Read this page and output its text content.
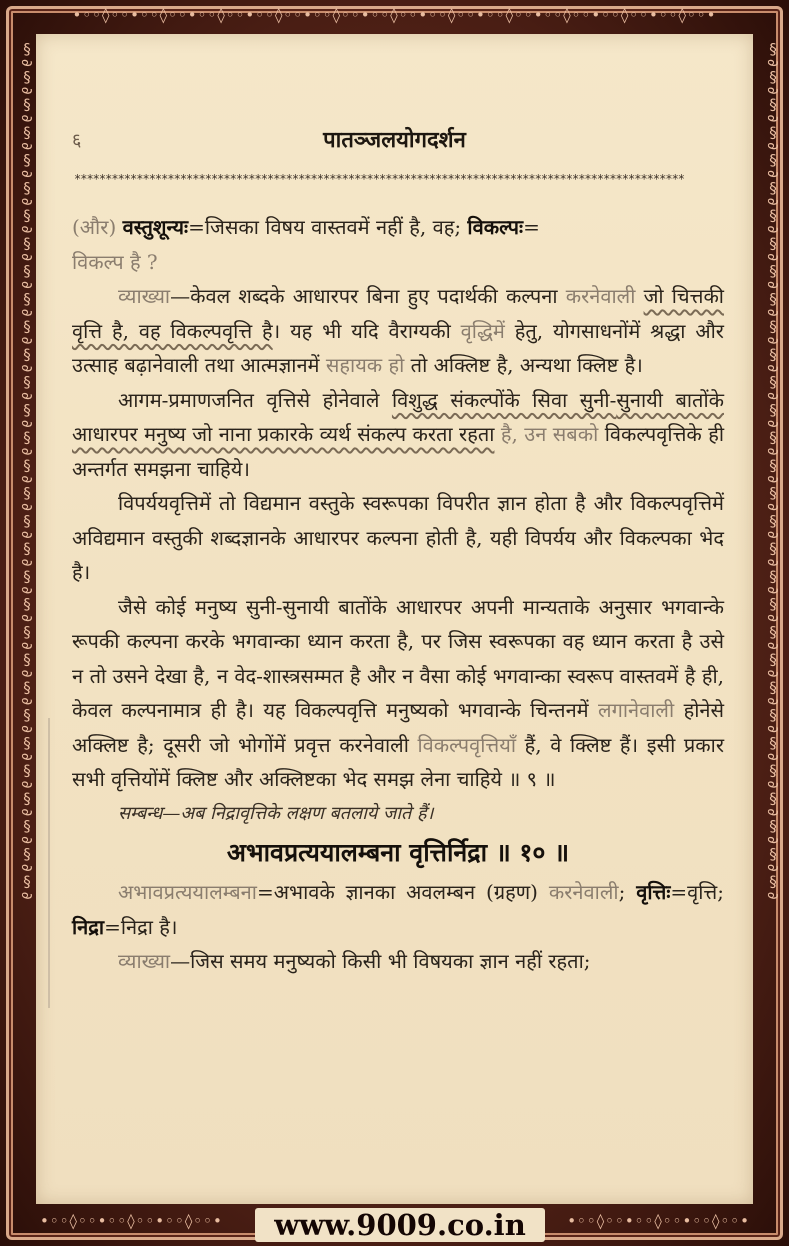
•◦◦◊◦◦•◦◦◊◦◦•◦◦◊◦◦•◦◦◊◦◦•◦◦◊◦◦•◦◦◊◦◦•◦◦◊◦◦•◦◦◊◦◦•◦◦◊◦◦•◦◦◊◦◦•◦◦◊◦◦•
§∂§∂§∂§∂§∂§∂§∂§∂§∂§∂§∂§∂§∂§∂§∂§∂§∂§∂§∂§∂§∂§∂§∂§∂§∂§∂§∂§∂§∂§∂§∂	§∂§∂§∂§∂§∂§∂§∂§∂§∂§∂§∂§∂§∂§∂§∂§∂§∂§∂§∂§∂§∂§∂§∂§∂§∂§∂§∂§∂§∂§∂§∂
•◦◦◊◦◦•◦◦◊◦◦•◦◦◊◦◦•	•◦◦◊◦◦•◦◦◊◦◦•◦◦◊◦◦•
६	पातञ्जलयोगदर्शन
**************************************************************************************************

(और) वस्तुशून्यः=जिसका विषय वास्तवमें नहीं है, वह; विकल्पः=

विकल्प है ?

व्याख्या—केवल शब्दके आधारपर बिना हुए पदार्थकी कल्पना करनेवाली जो चित्तकी वृत्ति है, वह विकल्पवृत्ति है। यह भी यदि वैराग्यकी वृद्धिमें हेतु, योगसाधनोंमें श्रद्धा और उत्साह बढ़ानेवाली तथा आत्मज्ञानमें सहायक हो तो अक्लिष्ट है, अन्यथा क्लिष्ट है।

आगम-प्रमाणजनित वृत्तिसे होनेवाले विशुद्ध संकल्पोंके सिवा सुनी-सुनायी बातोंके आधारपर मनुष्य जो नाना प्रकारके व्यर्थ संकल्प करता रहता है, उन सबको विकल्पवृत्तिके ही अन्तर्गत समझना चाहिये।

विपर्ययवृत्तिमें तो विद्यमान वस्तुके स्वरूपका विपरीत ज्ञान होता है और विकल्पवृत्तिमें अविद्यमान वस्तुकी शब्दज्ञानके आधारपर कल्पना होती है, यही विपर्यय और विकल्पका भेद है।

जैसे कोई मनुष्य सुनी-सुनायी बातोंके आधारपर अपनी मान्यताके अनुसार भगवान्के रूपकी कल्पना करके भगवान्का ध्यान करता है, पर जिस स्वरूपका वह ध्यान करता है उसे न तो उसने देखा है, न वेद-शास्त्रसम्मत है और न वैसा कोई भगवान्का स्वरूप वास्तवमें है ही, केवल कल्पनामात्र ही है। यह विकल्पवृत्ति मनुष्यको भगवान्के चिन्तनमें लगानेवाली होनेसे अक्लिष्ट है; दूसरी जो भोगोंमें प्रवृत्त करनेवाली विकल्पवृत्तियाँ हैं, वे क्लिष्ट हैं। इसी प्रकार सभी वृत्तियोंमें क्लिष्ट और अक्लिष्टका भेद समझ लेना चाहिये ॥ ९ ॥

सम्बन्ध—अब निद्रावृत्तिके लक्षण बतलाये जाते हैं।

अभावप्रत्ययालम्बना वृत्तिर्निद्रा ॥ १० ॥

अभावप्रत्ययालम्बना=अभावके ज्ञानका अवलम्बन (ग्रहण) करनेवाली; वृत्तिः=वृत्ति; निद्रा=निद्रा है।

व्याख्या—जिस समय मनुष्यको किसी भी विषयका ज्ञान नहीं रहता;

www.9009.co.in
